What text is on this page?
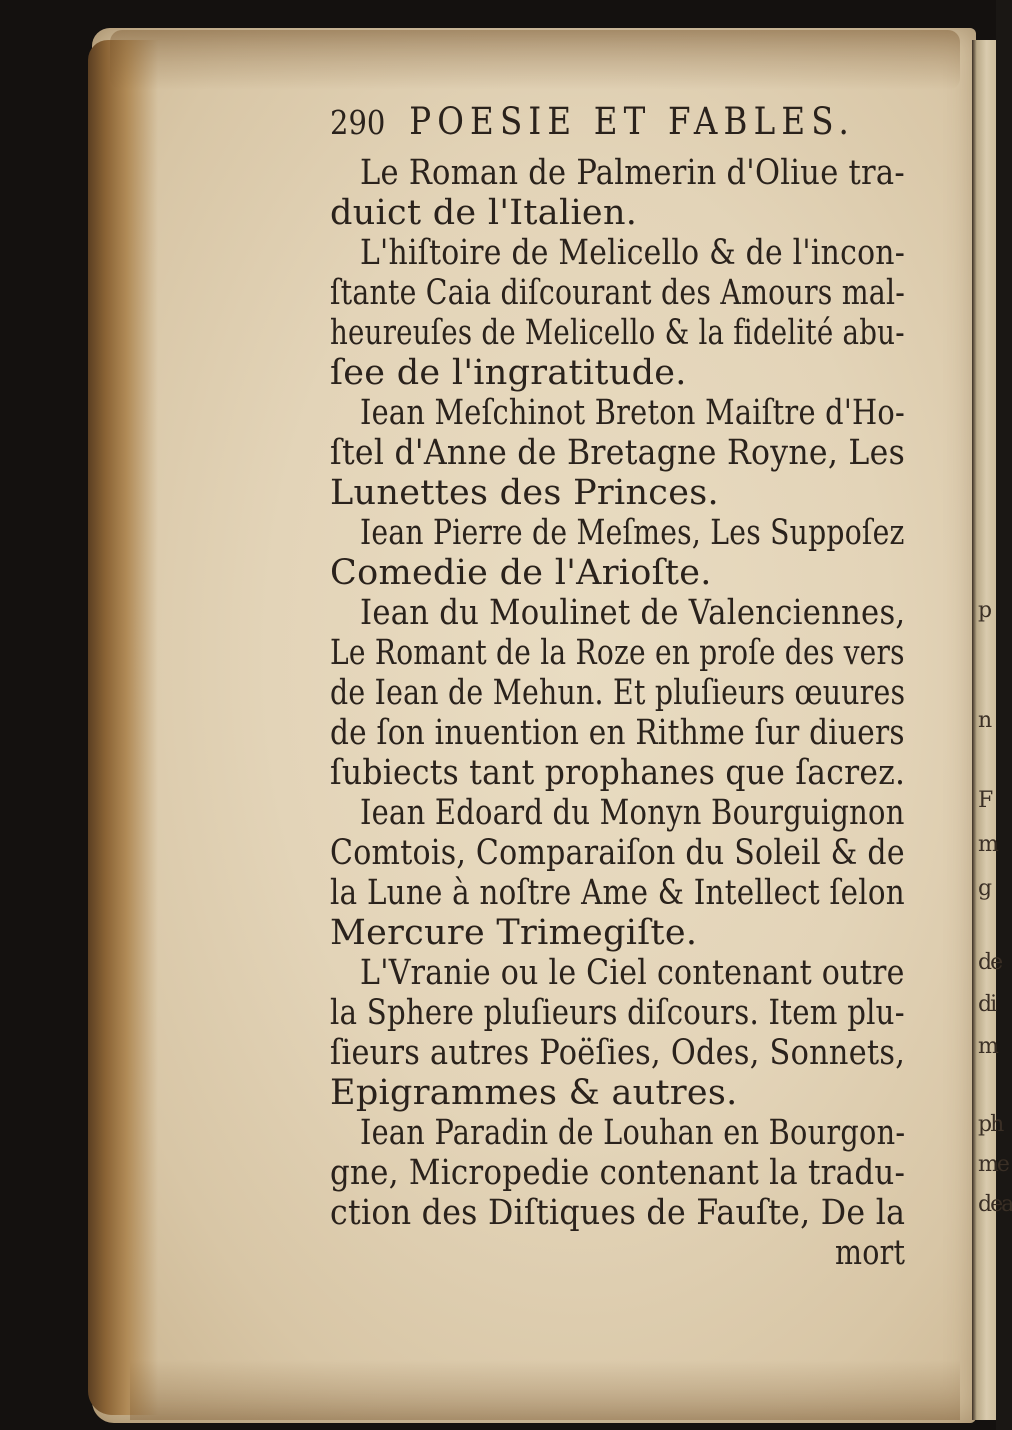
p
n
F
m
g
de
di
m
ph
me
dea
290 POESIE ET FABLES.
Le Roman de Palmerin d'Oliue tra-
duict de l'Italien.
L'hiſtoire de Melicello & de l'incon-
ſtante Caia diſcourant des Amours mal-
heureuſes de Melicello & la fidelité abu-
ſee de l'ingratitude.
Iean Meſchinot Breton Maiſtre d'Ho-
ſtel d'Anne de Bretagne Royne, Les
Lunettes des Princes.
Iean Pierre de Meſmes, Les Suppoſez
Comedie de l'Arioſte.
Iean du Moulinet de Valenciennes,
Le Romant de la Roze en proſe des vers
de Iean de Mehun. Et pluſieurs œuures
de ſon inuention en Rithme ſur diuers
ſubiects tant prophanes que ſacrez.
Iean Edoard du Monyn Bourguignon
Comtois, Comparaiſon du Soleil & de
la Lune à noſtre Ame & Intellect ſelon
Mercure Trimegiſte.
L'Vranie ou le Ciel contenant outre
la Sphere pluſieurs diſcours. Item plu-
ſieurs autres Poëſies, Odes, Sonnets,
Epigrammes & autres.
Iean Paradin de Louhan en Bourgon-
gne, Micropedie contenant la tradu-
ction des Diſtiques de Fauſte, De la
mort
